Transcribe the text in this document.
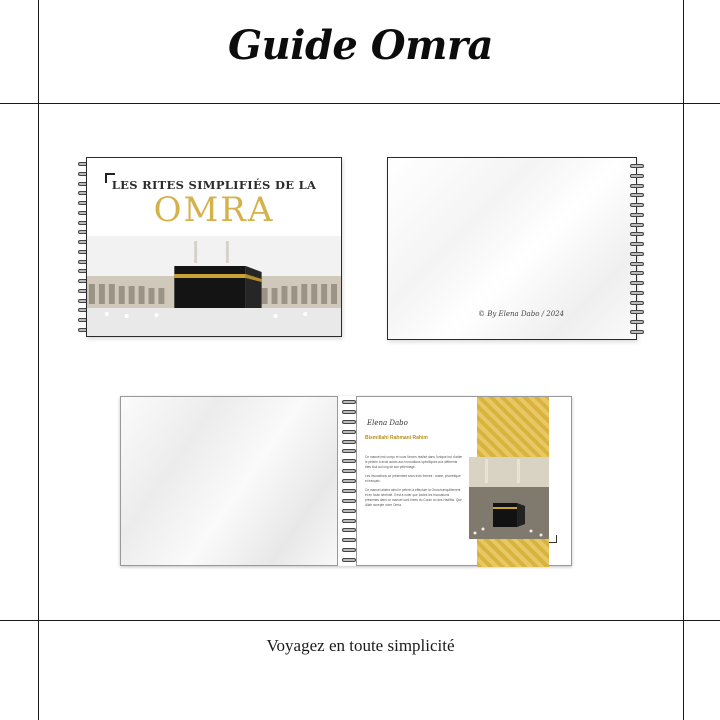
Guide Omra
LES RITES SIMPLIFIÉS DE LA
OMRA
© By Elena Dabo / 2024
Elena Dabo
Bismillahi Rahmani Rahim

Ce manuel est conçu et vous l'avons réalisé dans l'unique but d'aider le pèlerin à avoir accès aux invocations spécifiques aux différents rites tout au long de son pèlerinage.

Les invocations se présentent sous trois formes : arabe, phonétique et français.

Ce manuel aidera ainsi le pèlerin à effectuer la Omra tranquillement et en toute sérénité. Il est à noter que toutes les invocations présentes dans ce manuel sont tirées du Coran ou des Hadiths. Que Allah accepte votre Omra.

Voyagez en toute simplicité
